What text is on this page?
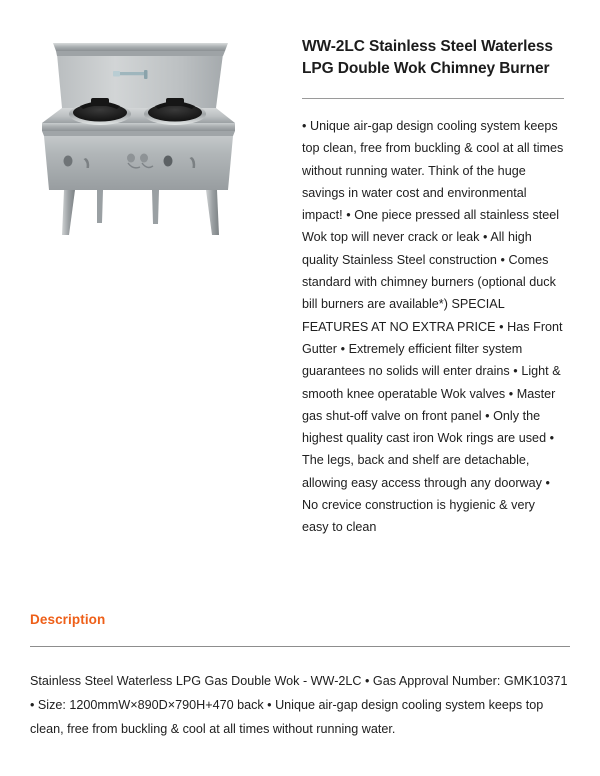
WW-2LC Stainless Steel Waterless LPG Double Wok Chimney Burner

• Unique air-gap design cooling system keeps top clean, free from buckling & cool at all times without running water. Think of the huge savings in water cost and environmental impact! • One piece pressed all stainless steel Wok top will never crack or leak • All high quality Stainless Steel construction • Comes standard with chimney burners (optional duck bill burners are available*) SPECIAL FEATURES AT NO EXTRA PRICE • Has Front Gutter • Extremely efficient filter system guarantees no solids will enter drains • Light & smooth knee operatable Wok valves • Master gas shut-off valve on front panel • Only the highest quality cast iron Wok rings are used • The legs, back and shelf are detachable, allowing easy access through any doorway • No crevice construction is hygienic & very easy to clean

Description

Stainless Steel Waterless LPG Gas Double Wok - WW-2LC • Gas Approval Number: GMK10371 • Size: 1200mmW×890D×790H+470 back • Unique air-gap design cooling system keeps top clean, free from buckling & cool at all times without running water.
